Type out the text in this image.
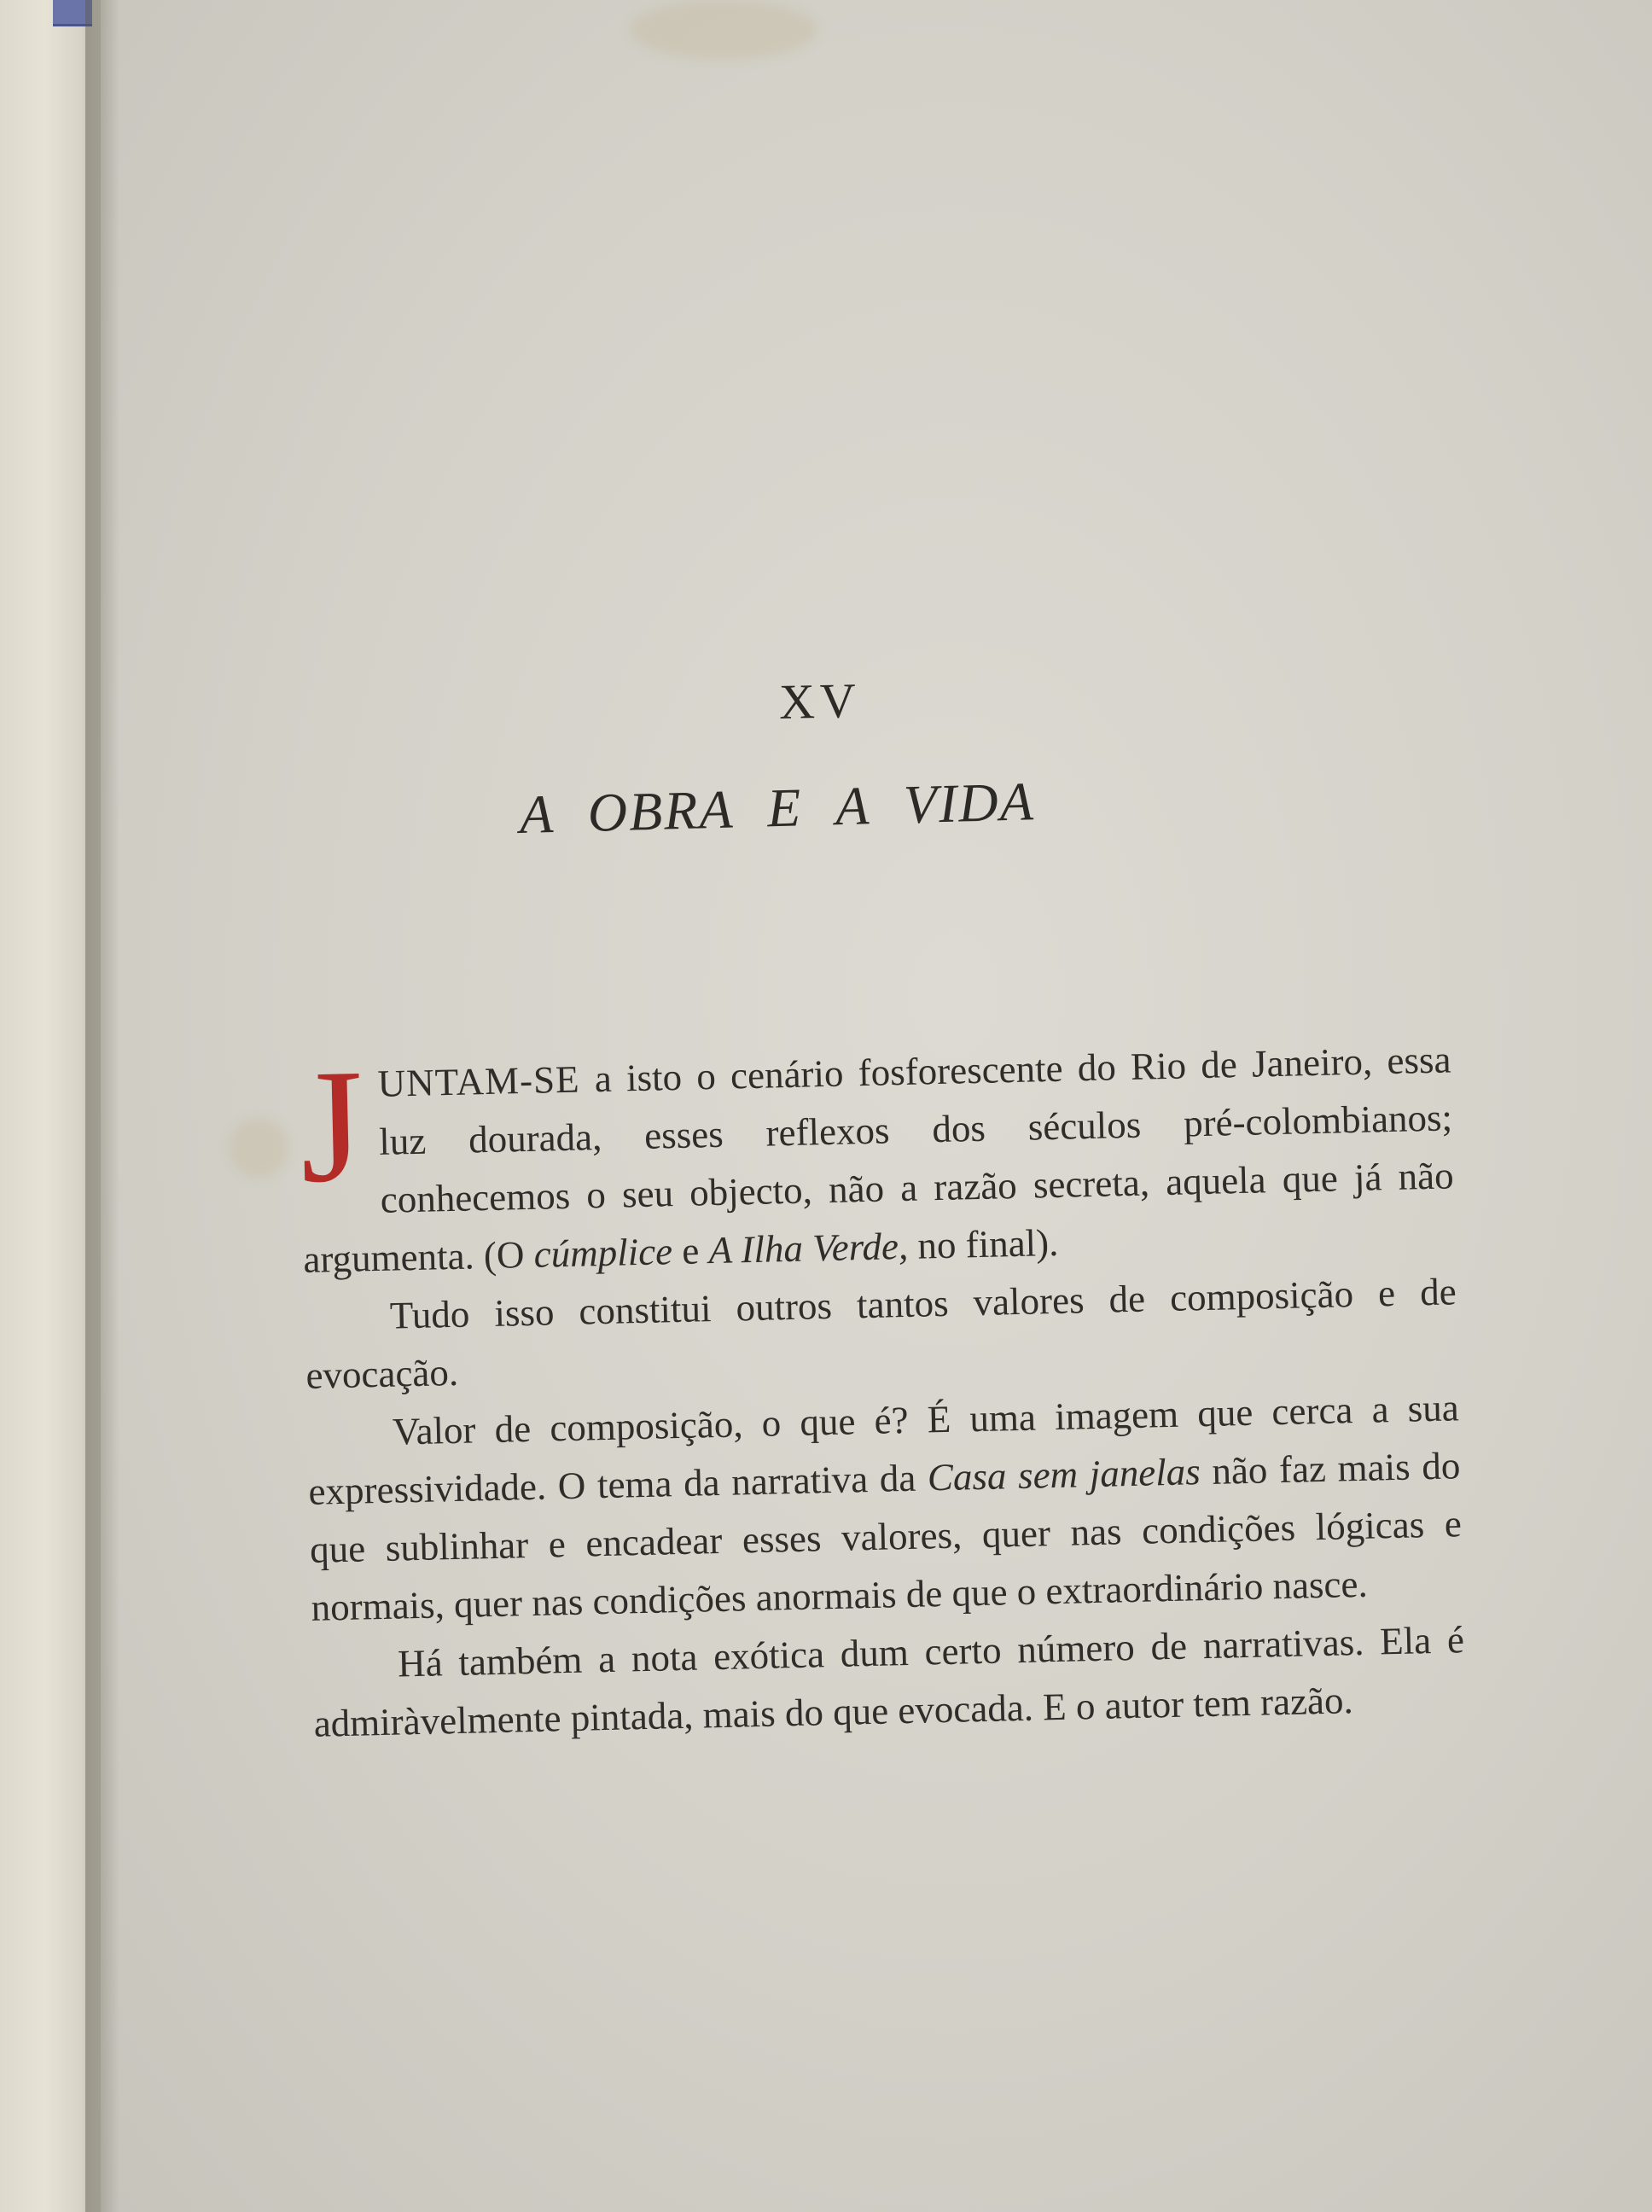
XV
A OBRA E A VIDA

JUNTAM-SE a isto o cenário fosforescente do Rio de Janeiro, essa luz dourada, esses reflexos dos séculos pré-colombianos; conhecemos o seu objecto, não a razão secreta, aquela que já não argumenta. (O cúmplice e A Ilha Verde, no final).

Tudo isso constitui outros tantos valores de composição e de evocação.

Valor de composição, o que é? É uma imagem que cerca a sua expressividade. O tema da narrativa da Casa sem janelas não faz mais do que sublinhar e encadear esses valores, quer nas condições lógicas e normais, quer nas condições anormais de que o extraordinário nasce.

Há também a nota exótica dum certo número de narrativas. Ela é admiràvelmente pintada, mais do que evocada. E o autor tem razão.
